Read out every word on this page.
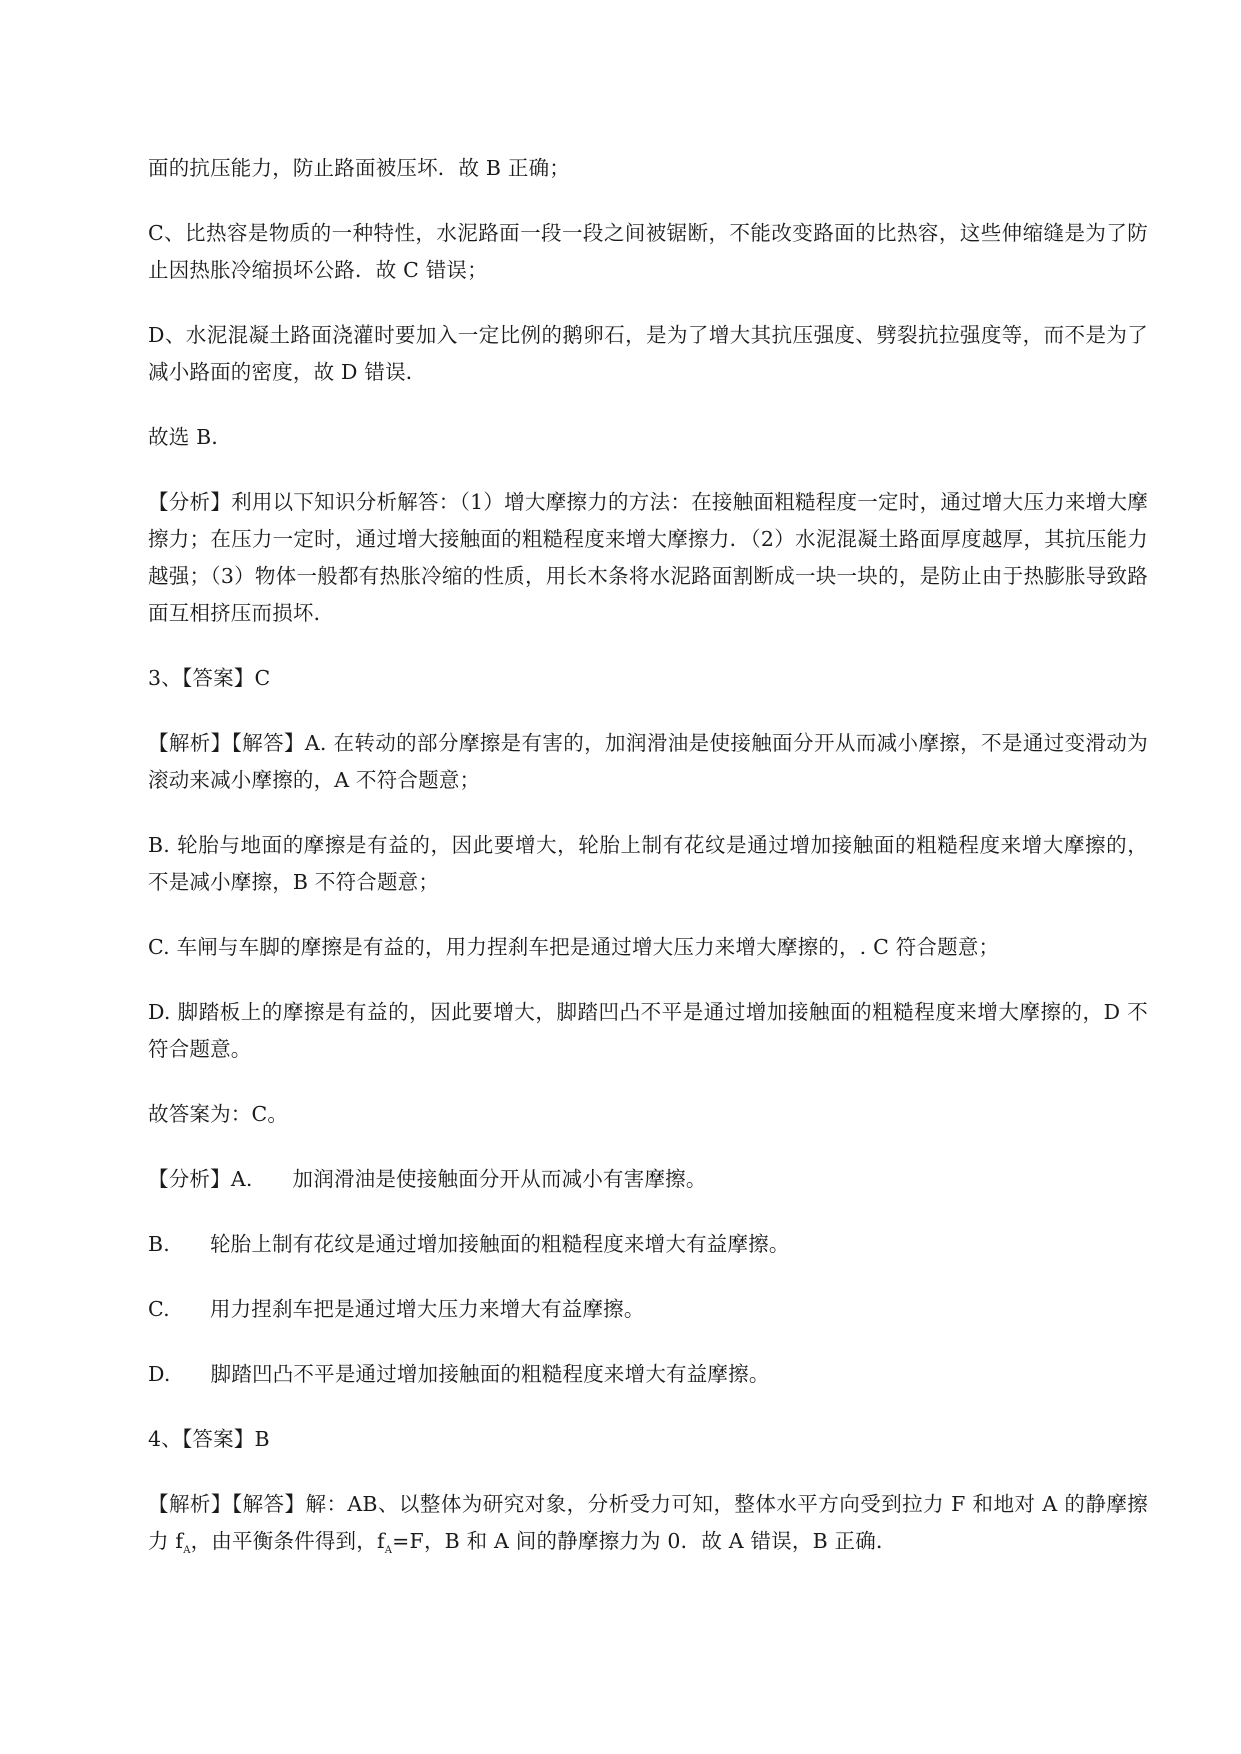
面的抗压能力，防止路面被压坏．故 B 正确；

C、比热容是物质的一种特性，水泥路面一段一段之间被锯断，不能改变路面的比热容，这些伸缩缝是为了防止因热胀冷缩损坏公路．故 C 错误；

D、水泥混凝土路面浇灌时要加入一定比例的鹅卵石，是为了增大其抗压强度、劈裂抗拉强度等，而不是为了减小路面的密度，故 D 错误．

故选 B．

【分析】利用以下知识分析解答：（1）增大摩擦力的方法：在接触面粗糙程度一定时，通过增大压力来增大摩擦力；在压力一定时，通过增大接触面的粗糙程度来增大摩擦力．（2）水泥混凝土路面厚度越厚，其抗压能力越强；（3）物体一般都有热胀冷缩的性质，用长木条将水泥路面割断成一块一块的，是防止由于热膨胀导致路面互相挤压而损坏．

3、【答案】C

【解析】【解答】A. 在转动的部分摩擦是有害的，加润滑油是使接触面分开从而减小摩擦，不是通过变滑动为滚动来减小摩擦的，A 不符合题意；

B. 轮胎与地面的摩擦是有益的，因此要增大，轮胎上制有花纹是通过增加接触面的粗糙程度来增大摩擦的，不是减小摩擦，B 不符合题意；

C. 车闸与车脚的摩擦是有益的，用力捏刹车把是通过增大压力来增大摩擦的，. C 符合题意；

D. 脚踏板上的摩擦是有益的，因此要增大，脚踏凹凸不平是通过增加接触面的粗糙程度来增大摩擦的，D 不符合题意。

故答案为：C。

【分析】A. 加润滑油是使接触面分开从而减小有害摩擦。

B. 轮胎上制有花纹是通过增加接触面的粗糙程度来增大有益摩擦。

C. 用力捏刹车把是通过增大压力来增大有益摩擦。

D. 脚踏凹凸不平是通过增加接触面的粗糙程度来增大有益摩擦。

4、【答案】B

【解析】【解答】解：AB、以整体为研究对象，分析受力可知，整体水平方向受到拉力 F 和地对 A 的静摩擦力 $f_A$，由平衡条件得到，$f_A=F$，B 和 A 间的静摩擦力为 0．故 A 错误，B 正确．
